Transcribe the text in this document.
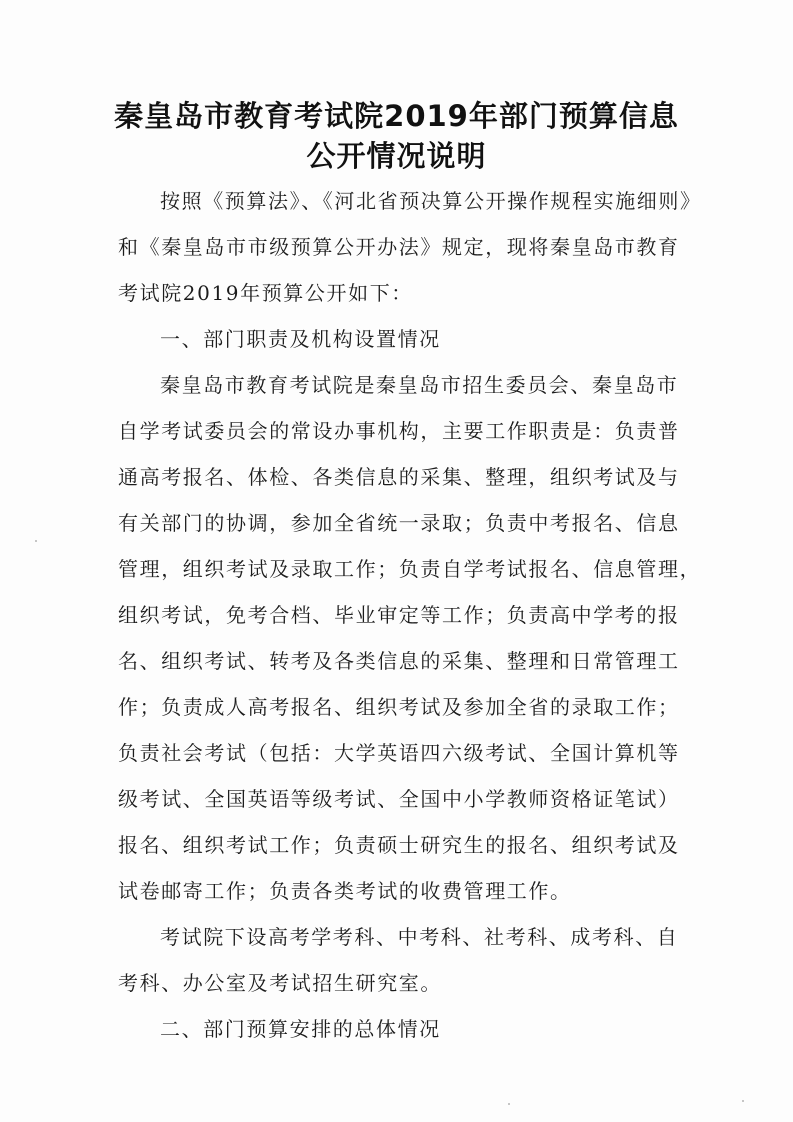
秦皇岛市教育考试院2019年部门预算信息
公开情况说明
按照《预算法》、《河北省预决算公开操作规程实施细则》
和《秦皇岛市市级预算公开办法》规定，现将秦皇岛市教育
考试院2019年预算公开如下：
一、部门职责及机构设置情况
秦皇岛市教育考试院是秦皇岛市招生委员会、秦皇岛市
自学考试委员会的常设办事机构，主要工作职责是：负责普
通高考报名、体检、各类信息的采集、整理，组织考试及与
有关部门的协调，参加全省统一录取；负责中考报名、信息
管理，组织考试及录取工作；负责自学考试报名、信息管理，
组织考试，免考合档、毕业审定等工作；负责高中学考的报
名、组织考试、转考及各类信息的采集、整理和日常管理工
作；负责成人高考报名、组织考试及参加全省的录取工作；
负责社会考试（包括：大学英语四六级考试、全国计算机等
级考试、全国英语等级考试、全国中小学教师资格证笔试）
报名、组织考试工作；负责硕士研究生的报名、组织考试及
试卷邮寄工作；负责各类考试的收费管理工作。
考试院下设高考学考科、中考科、社考科、成考科、自
考科、办公室及考试招生研究室。
二、部门预算安排的总体情况
